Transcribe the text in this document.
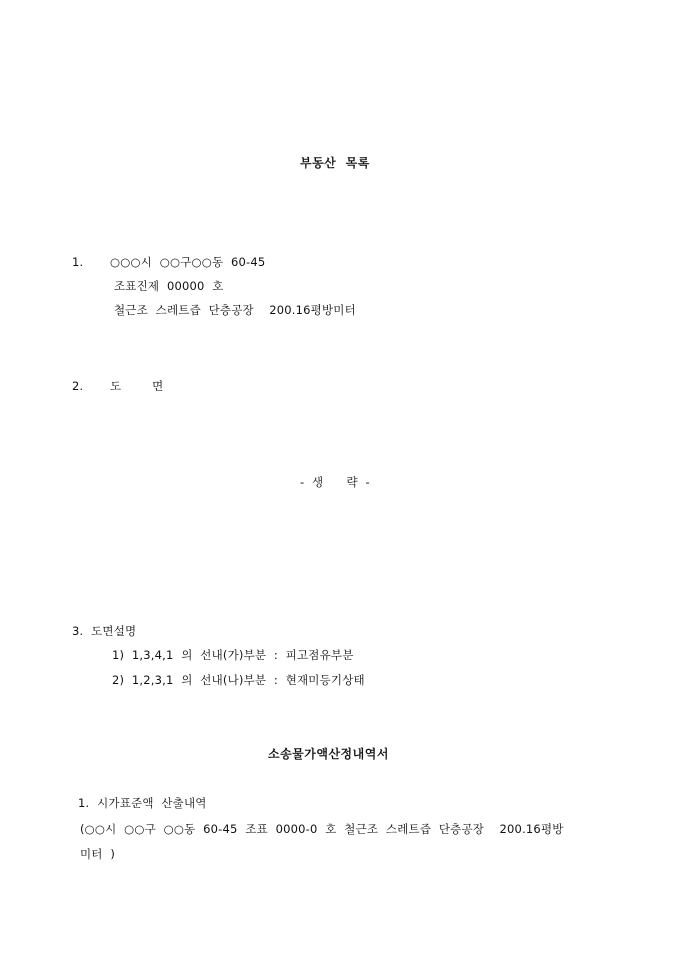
부동산  목록
1. ○○○시  ○○구○○동  60-45
조표진제  00000  호
철근조  스레트즙  단층공장    200.16평방미터
2. 도        면
-  생      략  -
3.  도면설명
1)  1,3,4,1  의  선내(가)부분  :  피고점유부분
2)  1,2,3,1  의  선내(나)부분  :  현재미등기상태
소송물가액산정내역서
1.  시가표준액  산출내역
(○○시  ○○구  ○○동  60-45  조표  0000-0  호  철근조  스레트즙  단층공장    200.16평방
미터  )
